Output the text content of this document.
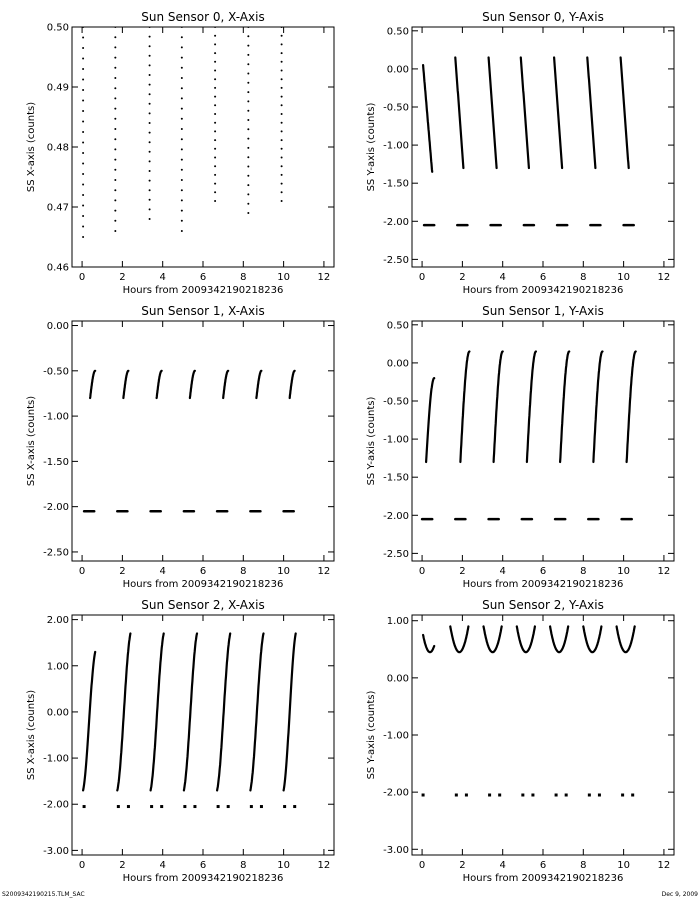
Sun Sensor 0, X-Axis
0	2	4	6	8	10	12
0.46
0.47
0.48
0.49
0.50
Hours from 2009342190218236
SS X-axis (counts)
Sun Sensor 0, Y-Axis
0	2	4	6	8	10	12
-2.50
-2.00
-1.50
-1.00
-0.50
0.00
0.50
Hours from 2009342190218236
SS Y-axis (counts)
Sun Sensor 1, X-Axis
0	2	4	6	8	10	12
-2.50
-2.00
-1.50
-1.00
-0.50
0.00
Hours from 2009342190218236
SS X-axis (counts)
Sun Sensor 1, Y-Axis
0	2	4	6	8	10	12
-2.50
-2.00
-1.50
-1.00
-0.50
0.00
0.50
Hours from 2009342190218236
SS Y-axis (counts)
Sun Sensor 2, X-Axis
0	2	4	6	8	10	12
-3.00
-2.00
-1.00
0.00
1.00
2.00
Hours from 2009342190218236
SS X-axis (counts)
Sun Sensor 2, Y-Axis
0	2	4	6	8	10	12
-3.00
-2.00
-1.00
0.00
1.00
Hours from 2009342190218236
SS Y-axis (counts)
S2009342190215.TLM_SAC	Dec 9, 2009
